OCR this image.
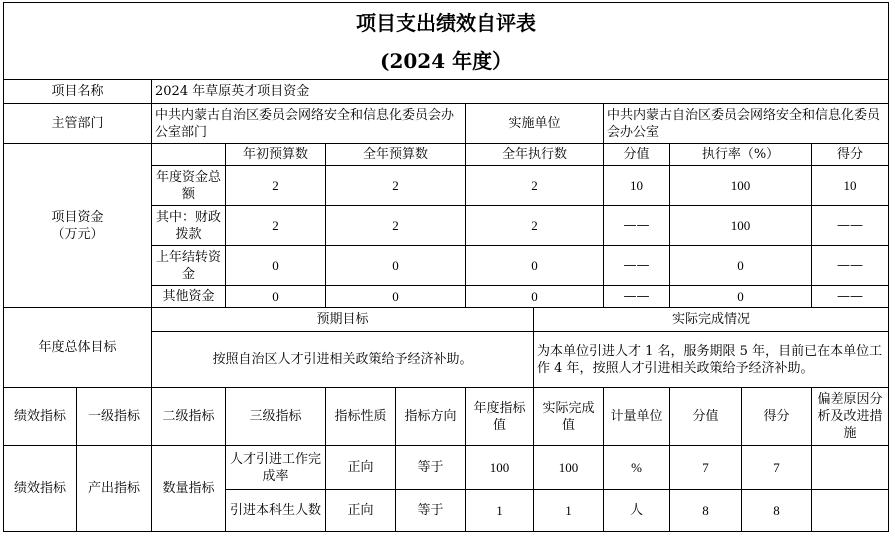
项目支出绩效自评表											
(2024 年度）											
项目名称		2024 年草原英才项目资金									
主管部门		中共内蒙古自治区委员会网络安全和信息化委员会办公室部门				实施单位		中共内蒙古自治区委员会网络安全和信息化委员会办公室			
项目资金
（万元）			年初预算数	全年预算数		全年执行数		分值	执行率（%）		得分
		年度资金总额	2	2		2		10	100		10
		其中：财政拨款	2	2		2		——	100		——
		上年结转资金	0	0		0		——	0		——
		其他资金	0	0		0		——	0		——
年度总体目标		预期目标					实际完成情况				
		按照自治区人才引进相关政策给予经济补助。					为本单位引进人才 1 名，服务期限 5 年，目前已在本单位工作 4 年，按照人才引进相关政策给予经济补助。				
绩效指标	一级指标	二级指标	三级指标	指标性质	指标方向	年度指标值	实际完成值	计量单位	分值	得分	偏差原因分析及改进措施
绩效指标	产出指标	数量指标	人才引进工作完成率	正向	等于	100	100	%	7	7	
			引进本科生人数	正向	等于	1	1	人	8	8	
